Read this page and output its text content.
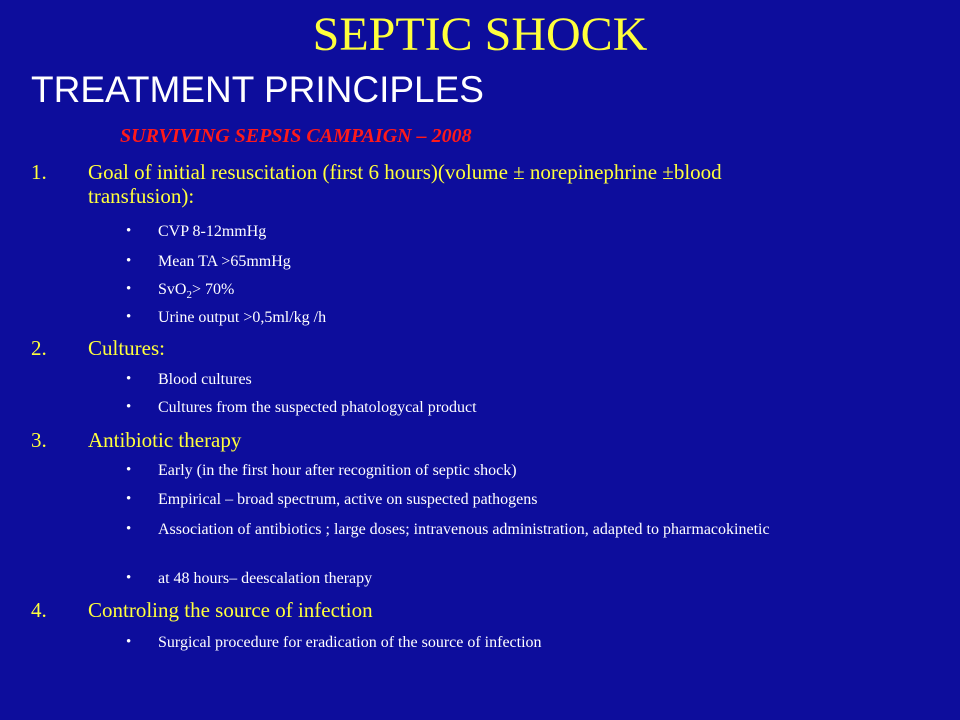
SEPTIC SHOCK
TREATMENT PRINCIPLES
SURVIVING SEPSIS CAMPAIGN – 2008
1. Goal of initial resuscitation (first 6 hours)(volume ± norepinephrine ±blood
transfusion):
• CVP 8-12mmHg
• Mean TA >65mmHg
• SvO$_2$> 70%
• Urine output >0,5ml/kg /h
2. Cultures:
• Blood cultures
• Cultures from the suspected phatologycal product
3. Antibiotic therapy
• Early (in the first hour after recognition of septic shock)
• Empirical – broad spectrum, active on suspected pathogens
• Association of antibiotics ; large doses; intravenous administration, adapted to pharmacokinetic
• at 48 hours– deescalation therapy
4. Controling the source of infection
• Surgical procedure for eradication of the source of infection
